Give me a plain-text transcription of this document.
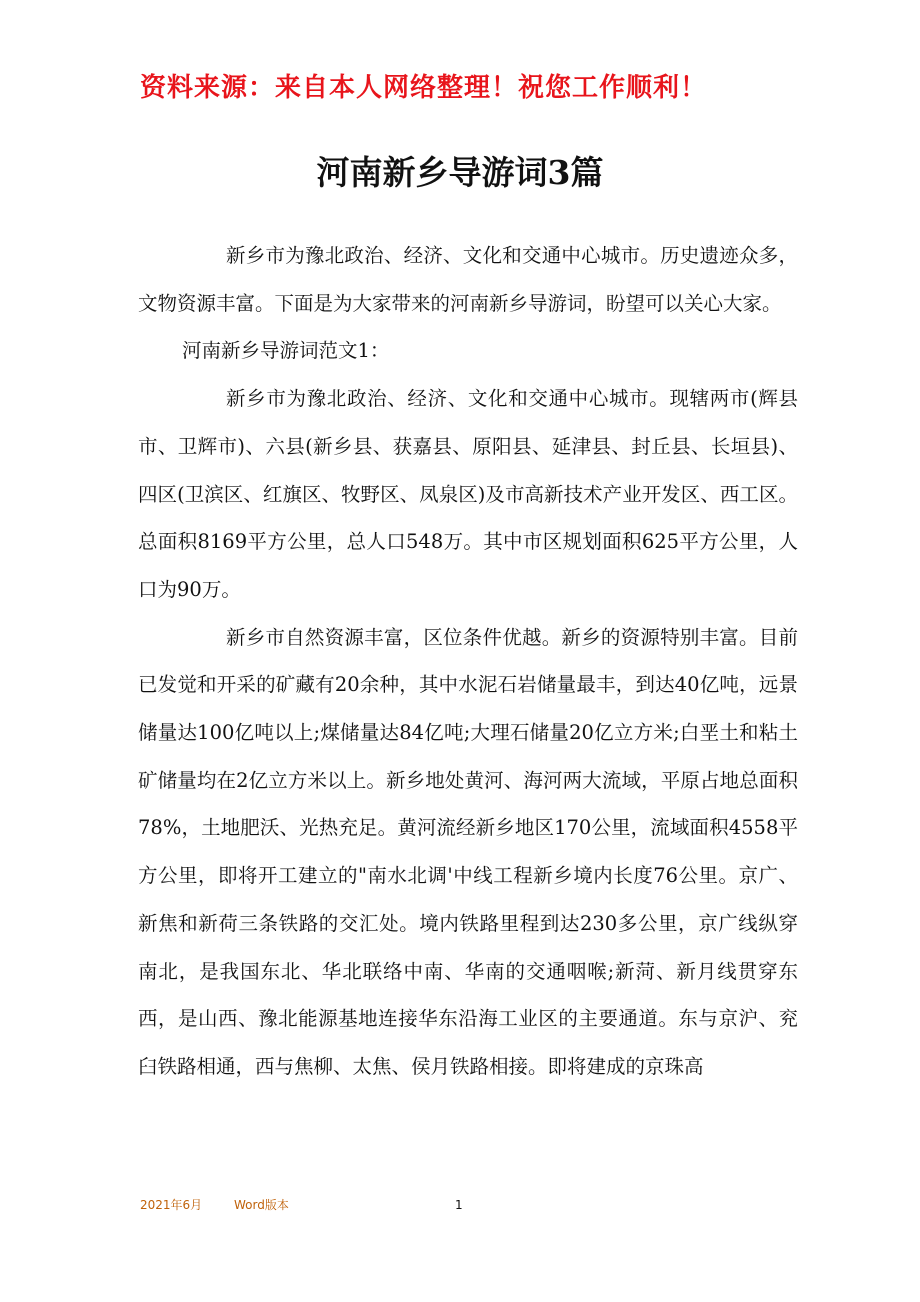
资料来源：来自本人网络整理！祝您工作顺利！
河南新乡导游词3篇

新乡市为豫北政治、经济、文化和交通中心城市。历史遗迹众多，文物资源丰富。下面是为大家带来的河南新乡导游词，盼望可以关心大家。

河南新乡导游词范文1：

新乡市为豫北政治、经济、文化和交通中心城市。现辖两市(辉县市、卫辉市)、六县(新乡县、获嘉县、原阳县、延津县、封丘县、长垣县)、四区(卫滨区、红旗区、牧野区、凤泉区)及市高新技术产业开发区、西工区。总面积8169平方公里，总人口548万。其中市区规划面积625平方公里，人口为90万。

新乡市自然资源丰富，区位条件优越。新乡的资源特别丰富。目前已发觉和开采的矿藏有20余种，其中水泥石岩储量最丰，到达40亿吨，远景储量达100亿吨以上;煤储量达84亿吨;大理石储量20亿立方米;白垩土和粘土矿储量均在2亿立方米以上。新乡地处黄河、海河两大流域，平原占地总面积78%，土地肥沃、光热充足。黄河流经新乡地区170公里，流域面积4558平方公里，即将开工建立的"南水北调'中线工程新乡境内长度76公里。京广、 新焦和新荷三条铁路的交汇处。境内铁路里程到达230多公里，京广线纵穿南北，是我国东北、华北联络中南、华南的交通咽喉;新菏、新月线贯穿东西，是山西、豫北能源基地连接华东沿海工业区的主要通道。东与京沪、兖臼铁路相通，西与焦柳、太焦、侯月铁路相接。即将建成的京珠高

2021年6月	Word版本	1
